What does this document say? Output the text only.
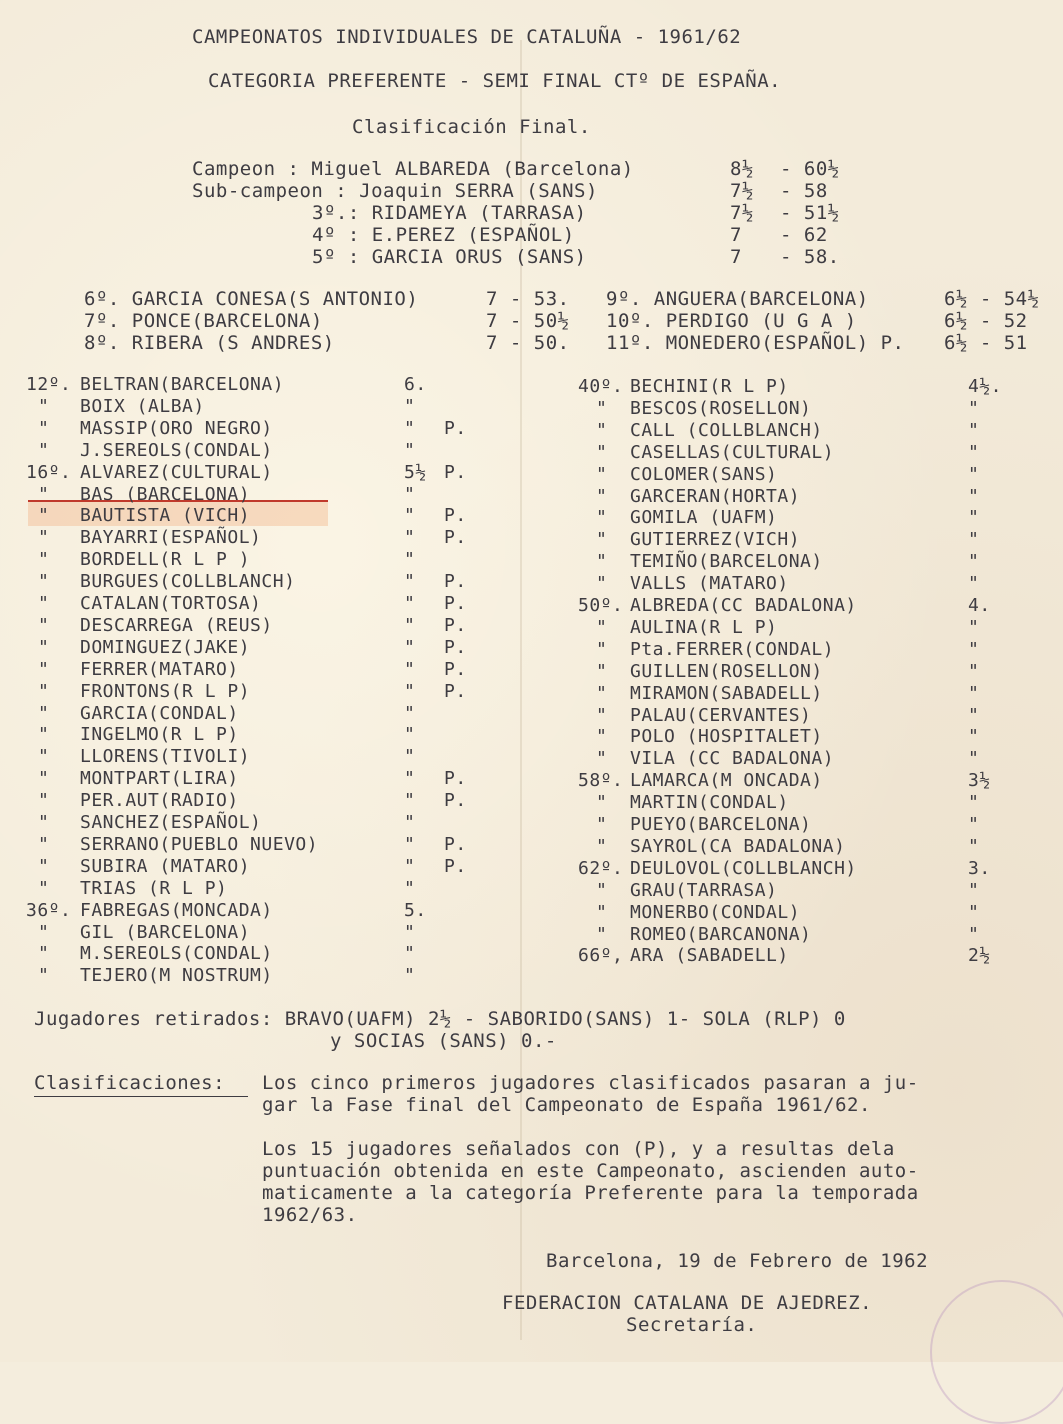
CAMPEONATOS INDIVIDUALES DE CATALUÑA - 1961/62
CATEGORIA PREFERENTE - SEMI FINAL CTº DE ESPAÑA.
Clasificación Final.
Campeon : Miguel ALBAREDA (Barcelona)	8½ - 60½
Sub-campeon : Joaquin SERRA (SANS)	7½ - 58
3º.: RIDAMEYA (TARRASA)	7½ - 51½
4º : E.PEREZ (ESPAÑOL)	7 - 62
5º : GARCIA ORUS (SANS)	7 - 58.
6º. GARCIA CONESA(S ANTONIO)	7 - 53.
7º. PONCE(BARCELONA)	7 - 50½
8º. RIBERA (S ANDRES)	7 - 50.
9º. ANGUERA(BARCELONA)	6½ - 54½
10º. PERDIGO (U G A )	6½ - 52
11º. MONEDERO(ESPAÑOL) P. 6½ - 51
12º. BELTRAN(BARCELONA)	6.
" BOIX (ALBA)	"
" MASSIP(ORO NEGRO)	" P.
" J.SEREOLS(CONDAL)	"
16º. ALVAREZ(CULTURAL)	5½ P.
" BAS (BARCELONA)	"
" BAUTISTA (VICH)	" P.
" BAYARRI(ESPAÑOL)	" P.
" BORDELL(R L P )	"
" BURGUES(COLLBLANCH)	" P.
" CATALAN(TORTOSA)	" P.
" DESCARREGA (REUS)	" P.
" DOMINGUEZ(JAKE)	" P.
" FERRER(MATARO)	" P.
" FRONTONS(R L P)	" P.
" GARCIA(CONDAL)	"
" INGELMO(R L P)	"
" LLORENS(TIVOLI)	"
" MONTPART(LIRA)	" P.
" PER.AUT(RADIO)	" P.
" SANCHEZ(ESPAÑOL)	"
" SERRANO(PUEBLO NUEVO)	" P.
" SUBIRA (MATARO)	" P.
" TRIAS (R L P)	"
36º. FABREGAS(MONCADA)	5.
" GIL (BARCELONA)	"
" M.SEREOLS(CONDAL)	"
" TEJERO(M NOSTRUM)	"
40º. BECHINI(R L P)	4½.
" BESCOS(ROSELLON)	"
" CALL (COLLBLANCH)	"
" CASELLAS(CULTURAL)	"
" COLOMER(SANS)	"
" GARCERAN(HORTA)	"
" GOMILA (UAFM)	"
" GUTIERREZ(VICH)	"
" TEMIÑO(BARCELONA)	"
" VALLS (MATARO)	"
50º. ALBREDA(CC BADALONA)	4.
" AULINA(R L P)	"
" Pta.FERRER(CONDAL)	"
" GUILLEN(ROSELLON)	"
" MIRAMON(SABADELL)	"
" PALAU(CERVANTES)	"
" POLO (HOSPITALET)	"
" VILA (CC BADALONA)	"
58º. LAMARCA(M ONCADA)	3½
" MARTIN(CONDAL)	"
" PUEYO(BARCELONA)	"
" SAYROL(CA BADALONA)	"
62º. DEULOVOL(COLLBLANCH)	3.
" GRAU(TARRASA)	"
" MONERBO(CONDAL)	"
" ROMEO(BARCANONA)	"
66º, ARA (SABADELL)	2½
Jugadores retirados: BRAVO(UAFM) 2½ - SABORIDO(SANS) 1- SOLA (RLP) 0
y SOCIAS (SANS) 0.-
Clasificaciones: Los cinco primeros jugadores clasificados pasaran a ju-
gar la Fase final del Campeonato de España 1961/62.
Los 15 jugadores señalados con (P), y a resultas dela
puntuación obtenida en este Campeonato, ascienden auto-
maticamente a la categoría Preferente para la temporada
1962/63.
Barcelona, 19 de Febrero de 1962
FEDERACION CATALANA DE AJEDREZ.
Secretaría.
